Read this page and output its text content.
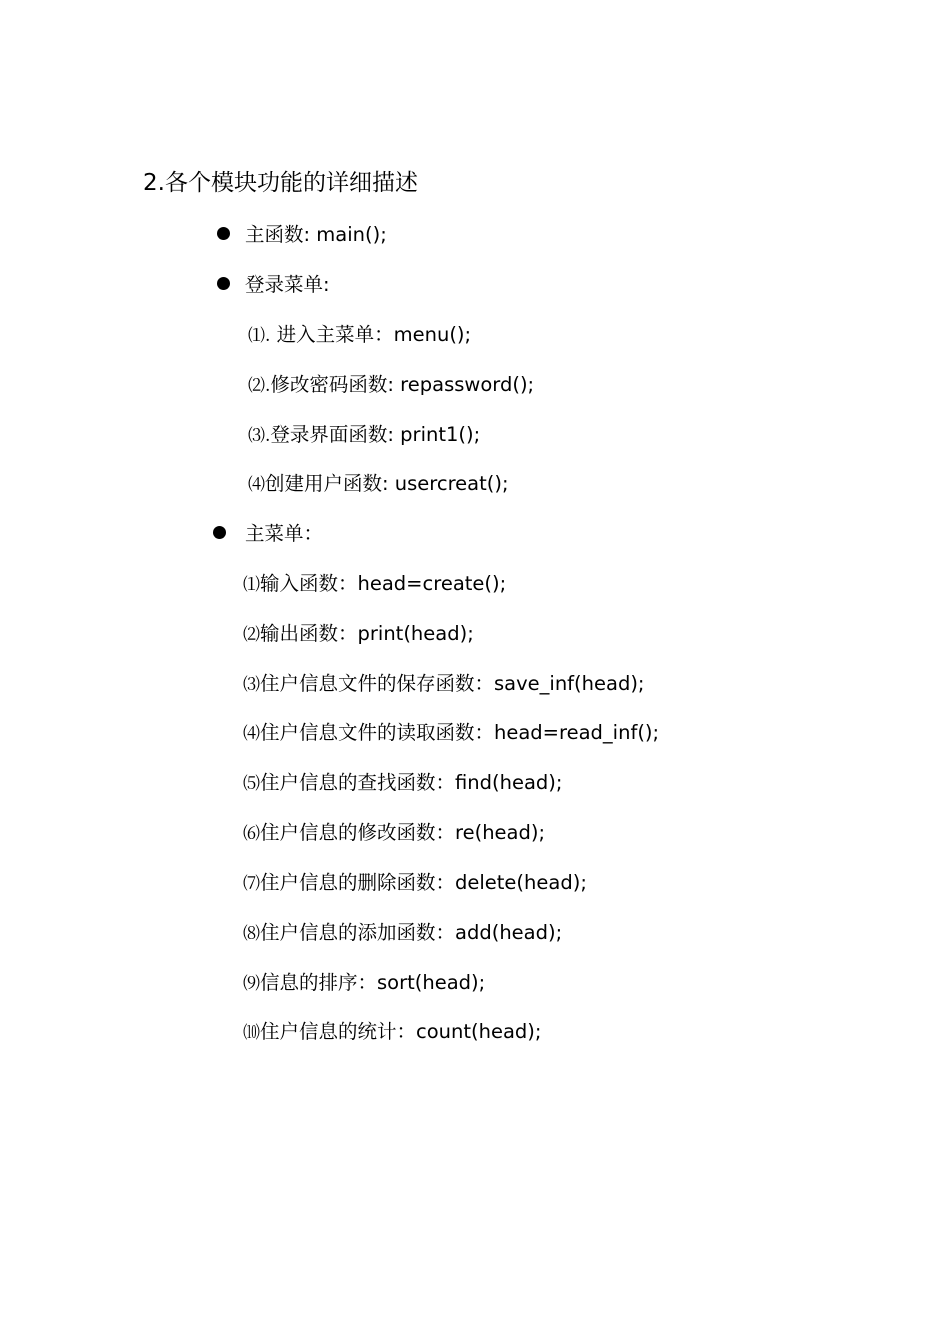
2.各个模块功能的详细描述
主函数: main();
登录菜单:
⑴. 进入主菜单：menu();
⑵.修改密码函数: repassword();
⑶.登录界面函数: print1();
⑷创建用户函数: usercreat();
主菜单：
⑴输入函数：head=create();
⑵输出函数：print(head);
⑶住户信息文件的保存函数：save_inf(head);
⑷住户信息文件的读取函数：head=read_inf();
⑸住户信息的查找函数：find(head);
⑹住户信息的修改函数：re(head);
⑺住户信息的删除函数：delete(head);
⑻住户信息的添加函数：add(head);
⑼信息的排序：sort(head);
⑽住户信息的统计：count(head);
